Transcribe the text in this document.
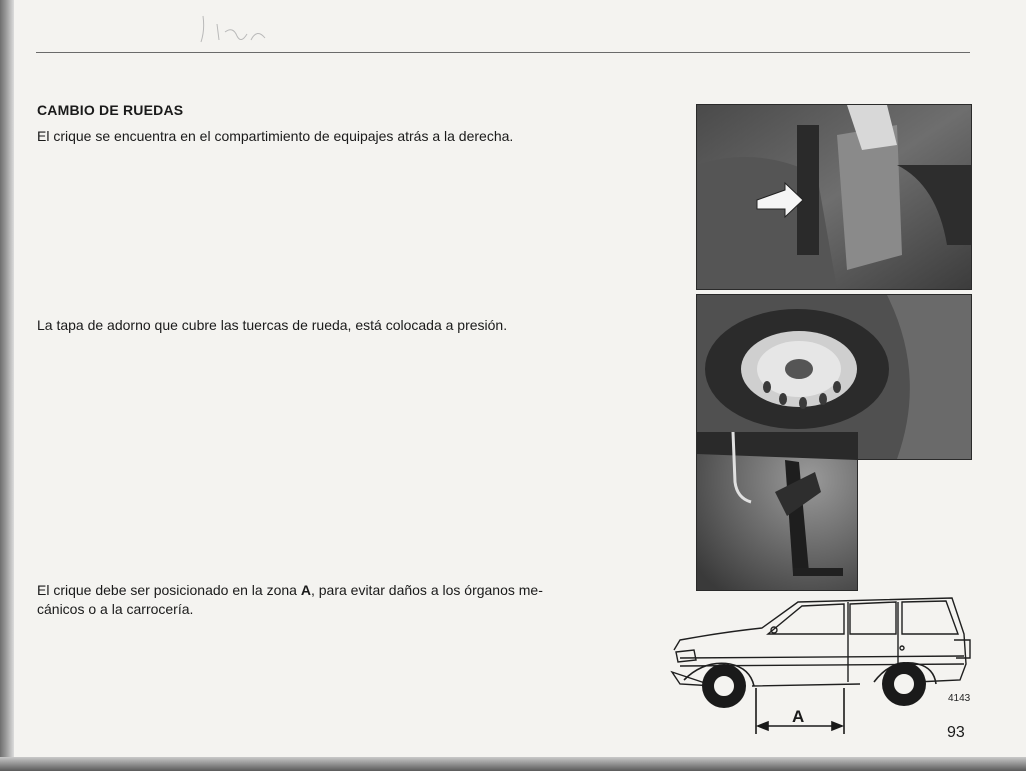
CAMBIO DE RUEDAS

El crique se encuentra en el compartimiento de equipajes atrás a la derecha.

La tapa de adorno que cubre las tuercas de rueda, está colocada a presión.

El crique debe ser posicionado en la zona A, para evitar daños a los órganos me-
cánicos o a la carrocería.

A
4143
93
